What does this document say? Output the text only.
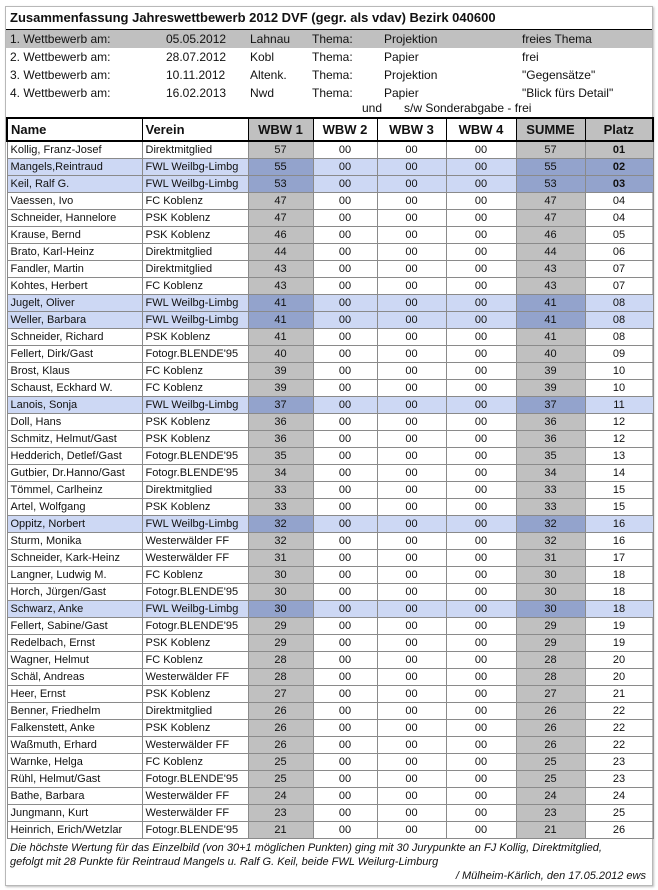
Zusammenfassung Jahreswettbewerb 2012 DVF (gegr. als vdav) Bezirk 040600
1. Wettbewerb am:	05.05.2012 Lahnau Thema:	Projektion	freies Thema
2. Wettbewerb am:	28.07.2012 Kobl	Thema:	Papier	frei
3. Wettbewerb am:	10.11.2012 Altenk. Thema:	Projektion	"Gegensätze"
4. Wettbewerb am:	16.02.2013 Nwd	Thema:	Papier	"Blick fürs Detail"
und s/w Sonderabgabe - frei
Name	Verein	WBW 1	WBW 2	WBW 3	WBW 4	SUMME	Platz
Kollig, Franz-Josef	Direktmitglied	57	00	00	00	57	01
Mangels,Reintraud	FWL Weilbg-Limbg	55	00	00	00	55	02
Keil, Ralf G.	FWL Weilbg-Limbg	53	00	00	00	53	03
Vaessen, Ivo	FC Koblenz	47	00	00	00	47	04
Schneider, Hannelore	PSK Koblenz	47	00	00	00	47	04
Krause, Bernd	PSK Koblenz	46	00	00	00	46	05
Brato, Karl-Heinz	Direktmitglied	44	00	00	00	44	06
Fandler, Martin	Direktmitglied	43	00	00	00	43	07
Kohtes, Herbert	FC Koblenz	43	00	00	00	43	07
Jugelt, Oliver	FWL Weilbg-Limbg	41	00	00	00	41	08
Weller, Barbara	FWL Weilbg-Limbg	41	00	00	00	41	08
Schneider, Richard	PSK Koblenz	41	00	00	00	41	08
Fellert, Dirk/Gast	Fotogr.BLENDE'95	40	00	00	00	40	09
Brost, Klaus	FC Koblenz	39	00	00	00	39	10
Schaust, Eckhard W.	FC Koblenz	39	00	00	00	39	10
Lanois, Sonja	FWL Weilbg-Limbg	37	00	00	00	37	11
Doll, Hans	PSK Koblenz	36	00	00	00	36	12
Schmitz, Helmut/Gast	PSK Koblenz	36	00	00	00	36	12
Hedderich, Detlef/Gast	Fotogr.BLENDE'95	35	00	00	00	35	13
Gutbier, Dr.Hanno/Gast	Fotogr.BLENDE'95	34	00	00	00	34	14
Tömmel, Carlheinz	Direktmitglied	33	00	00	00	33	15
Artel, Wolfgang	PSK Koblenz	33	00	00	00	33	15
Oppitz, Norbert	FWL Weilbg-Limbg	32	00	00	00	32	16
Sturm, Monika	Westerwälder FF	32	00	00	00	32	16
Schneider, Kark-Heinz	Westerwälder FF	31	00	00	00	31	17
Langner, Ludwig M.	FC Koblenz	30	00	00	00	30	18
Horch, Jürgen/Gast	Fotogr.BLENDE'95	30	00	00	00	30	18
Schwarz, Anke	FWL Weilbg-Limbg	30	00	00	00	30	18
Fellert, Sabine/Gast	Fotogr.BLENDE'95	29	00	00	00	29	19
Redelbach, Ernst	PSK Koblenz	29	00	00	00	29	19
Wagner, Helmut	FC Koblenz	28	00	00	00	28	20
Schäl, Andreas	Westerwälder FF	28	00	00	00	28	20
Heer, Ernst	PSK Koblenz	27	00	00	00	27	21
Benner, Friedhelm	Direktmitglied	26	00	00	00	26	22
Falkenstett, Anke	PSK Koblenz	26	00	00	00	26	22
Waßmuth, Erhard	Westerwälder FF	26	00	00	00	26	22
Warnke, Helga	FC Koblenz	25	00	00	00	25	23
Rühl, Helmut/Gast	Fotogr.BLENDE'95	25	00	00	00	25	23
Bathe, Barbara	Westerwälder FF	24	00	00	00	24	24
Jungmann, Kurt	Westerwälder FF	23	00	00	00	23	25
Heinrich, Erich/Wetzlar	Fotogr.BLENDE'95	21	00	00	00	21	26
Die höchste Wertung für das Einzelbild (von 30+1 möglichen Punkten) ging mit 30 Jurypunkte an FJ Kollig, Direktmitglied,
gefolgt mit 28 Punkte für Reintraud Mangels u. Ralf G. Keil, beide FWL Weilurg-Limburg
/ Mülheim-Kärlich, den 17.05.2012 ews
